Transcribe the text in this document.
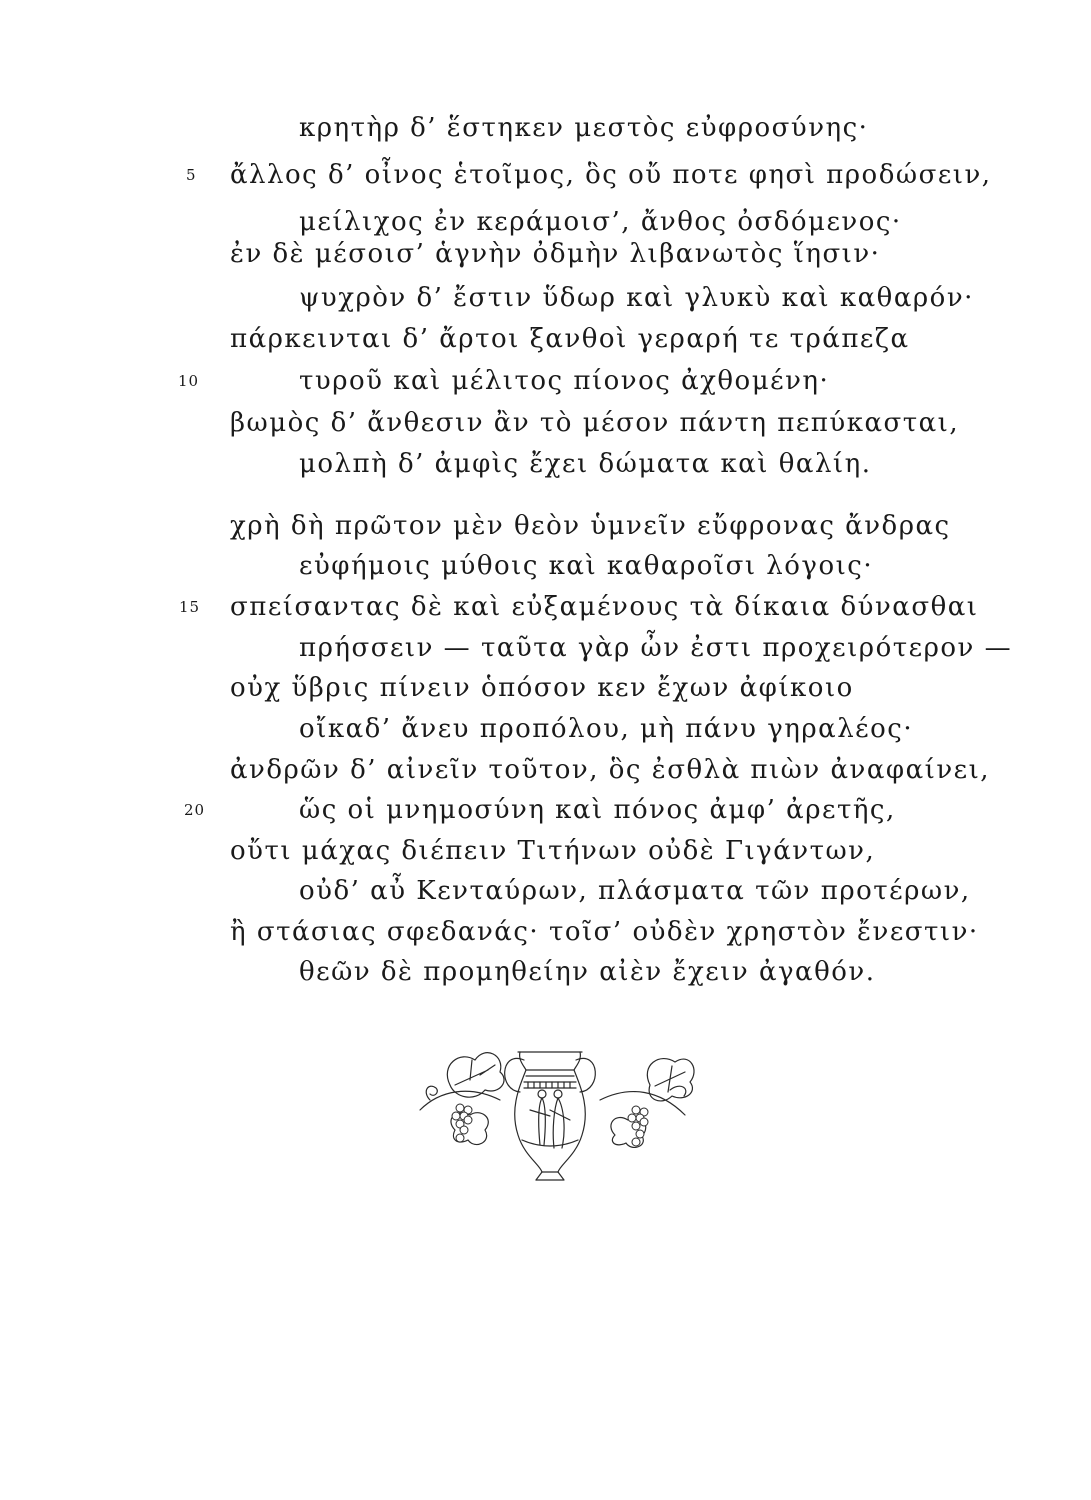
κρητὴρ δ’ ἕστηκεν μεστὸς εὐφροσύνης·
ἄλλος δ’ οἶνος ἑτοῖμος, ὃς οὔ ποτε φησὶ προδώσειν,
μείλιχος ἐν κεράμοισ’, ἄνθος ὀσδόμενος·
ἐν δὲ μέσοισ’ ἁγνὴν ὀδμὴν λιβανωτὸς ἵησιν·
ψυχρὸν δ’ ἔστιν ὕδωρ καὶ γλυκὺ καὶ καθαρόν·
πάρκεινται δ’ ἄρτοι ξανθοὶ γεραρή τε τράπεζα
τυροῦ καὶ μέλιτος πίονος ἀχθομένη·
βωμὸς δ’ ἄνθεσιν ἂν τὸ μέσον πάντη πεπύκασται,
μολπὴ δ’ ἀμφὶς ἔχει δώματα καὶ θαλίη.
χρὴ δὴ πρῶτον μὲν θεὸν ὑμνεῖν εὔφρονας ἄνδρας
εὐφήμοις μύθοις καὶ καθαροῖσι λόγοις·
σπείσαντας δὲ καὶ εὐξαμένους τὰ δίκαια δύνασθαι
πρήσσειν — ταῦτα γὰρ ὦν ἐστι προχειρότερον —
οὐχ ὕβρις πίνειν ὁπόσον κεν ἔχων ἀφίκοιο
οἴκαδ’ ἄνευ προπόλου, μὴ πάνυ γηραλέος·
ἀνδρῶν δ’ αἰνεῖν τοῦτον, ὃς ἐσθλὰ πιὼν ἀναφαίνει,
ὥς οἱ μνημοσύνη καὶ πόνος ἀμφ’ ἀρετῆς,
οὔτι μάχας διέπειν Τιτήνων οὐδὲ Γιγάντων,
οὐδ’ αὖ Κενταύρων, πλάσματα τῶν προτέρων,
ἢ στάσιας σφεδανάς· τοῖσ’ οὐδὲν χρηστὸν ἔνεστιν·
θεῶν δὲ προμηθείην αἰὲν ἔχειν ἀγαθόν.
5
10
15
20
